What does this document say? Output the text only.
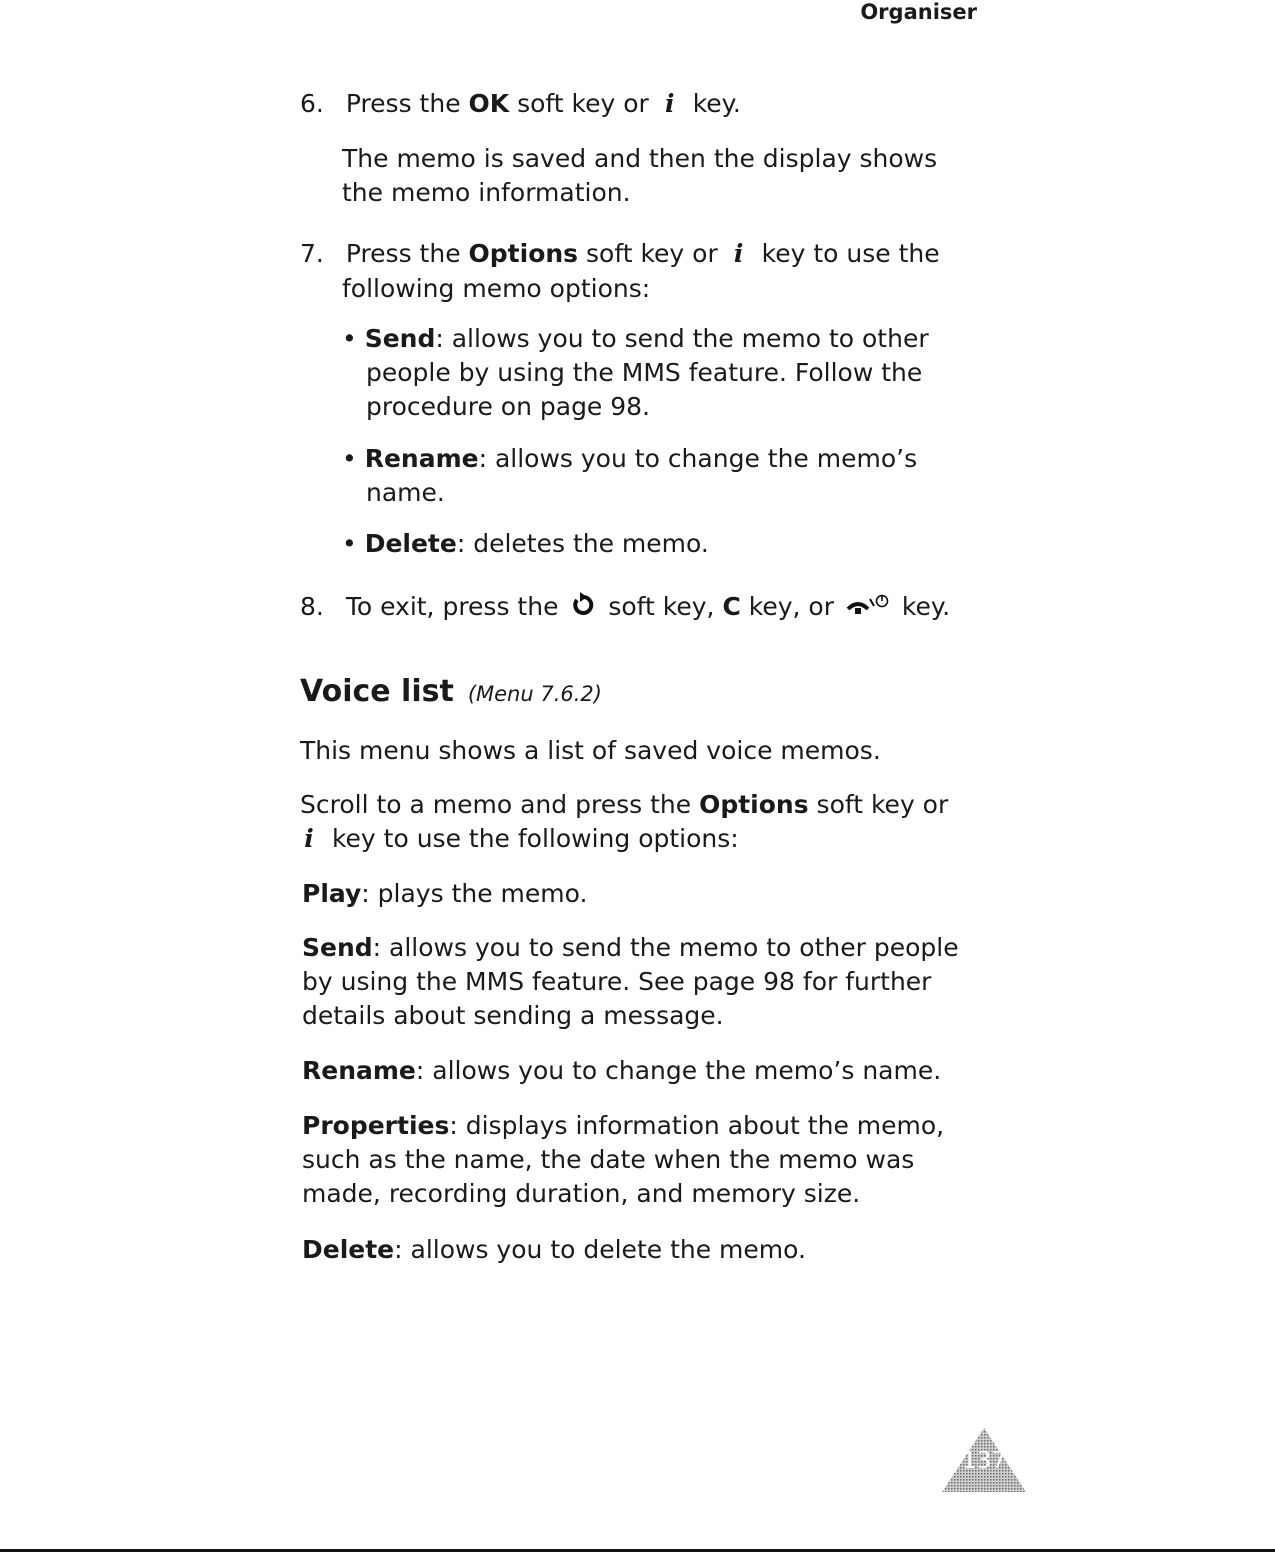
Organiser

6. Press the OK soft key or i key.

The memo is saved and then the display shows
the memo information.

7. Press the Options soft key or i key to use the

following memo options:

• Send: allows you to send the memo to other
people by using the MMS feature. Follow the
procedure on page 98.

• Rename: allows you to change the memo’s
name.

• Delete: deletes the memo.

8. To exit, press the  soft key, C key, or  key.

Voice list (Menu 7.6.2)

This menu shows a list of saved voice memos.

Scroll to a memo and press the Options soft key or
i key to use the following options:

Play: plays the memo.

Send: allows you to send the memo to other people
by using the MMS feature. See page 98 for further
details about sending a message.

Rename: allows you to change the memo’s name.

Properties: displays information about the memo,
such as the name, the date when the memo was
made, recording duration, and memory size.

Delete: allows you to delete the memo.

137
